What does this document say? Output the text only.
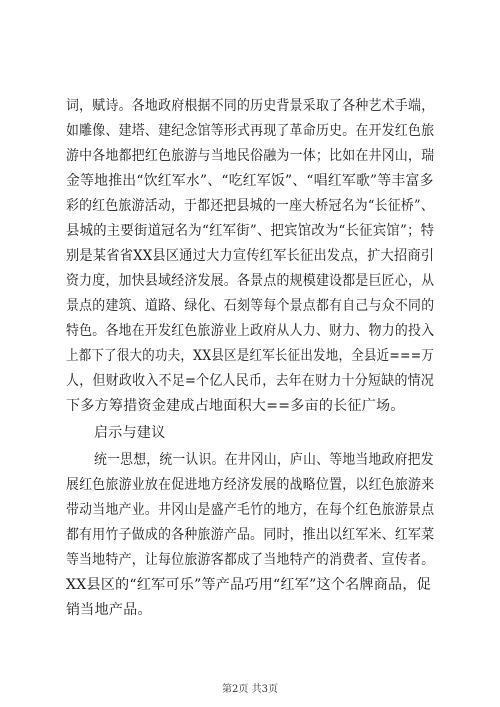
词，赋诗。各地政府根据不同的历史背景采取了各种艺术手端，
如雕像、建塔、建纪念馆等形式再现了革命历史。在开发红色旅
游中各地都把红色旅游与当地民俗融为一体；比如在井冈山，瑞
金等地推出“饮红军水”、“吃红军饭”、“唱红军歌”等丰富多
彩的红色旅游活动，于都还把县城的一座大桥冠名为“长征桥”、
县城的主要街道冠名为“红军街”、把宾馆改为“长征宾馆”；特
别是某省省XX县区通过大力宣传红军长征出发点，扩大招商引
资力度，加快县域经济发展。各景点的规模建设都是巨匠心，从
景点的建筑、道路、绿化、石刻等每个景点都有自己与众不同的
特色。各地在开发红色旅游业上政府从人力、财力、物力的投入
上都下了很大的功夫，XX县区是红军长征出发地，全县近===万
人，但财政收入不足=个亿人民币，去年在财力十分短缺的情况
下多方筹措资金建成占地面积大==多亩的长征广场。
启示与建议
统一思想，统一认识。在井冈山，庐山、等地当地政府把发
展红色旅游业放在促进地方经济发展的战略位置，以红色旅游来
带动当地产业。井冈山是盛产毛竹的地方，在每个红色旅游景点
都有用竹子做成的各种旅游产品。同时，推出以红军米、红军菜
等当地特产，让每位旅游客都成了当地特产的消费者、宣传者。
XX县区的“红军可乐”等产品巧用“红军”这个名牌商品，促
销当地产品。
第2页 共3页
